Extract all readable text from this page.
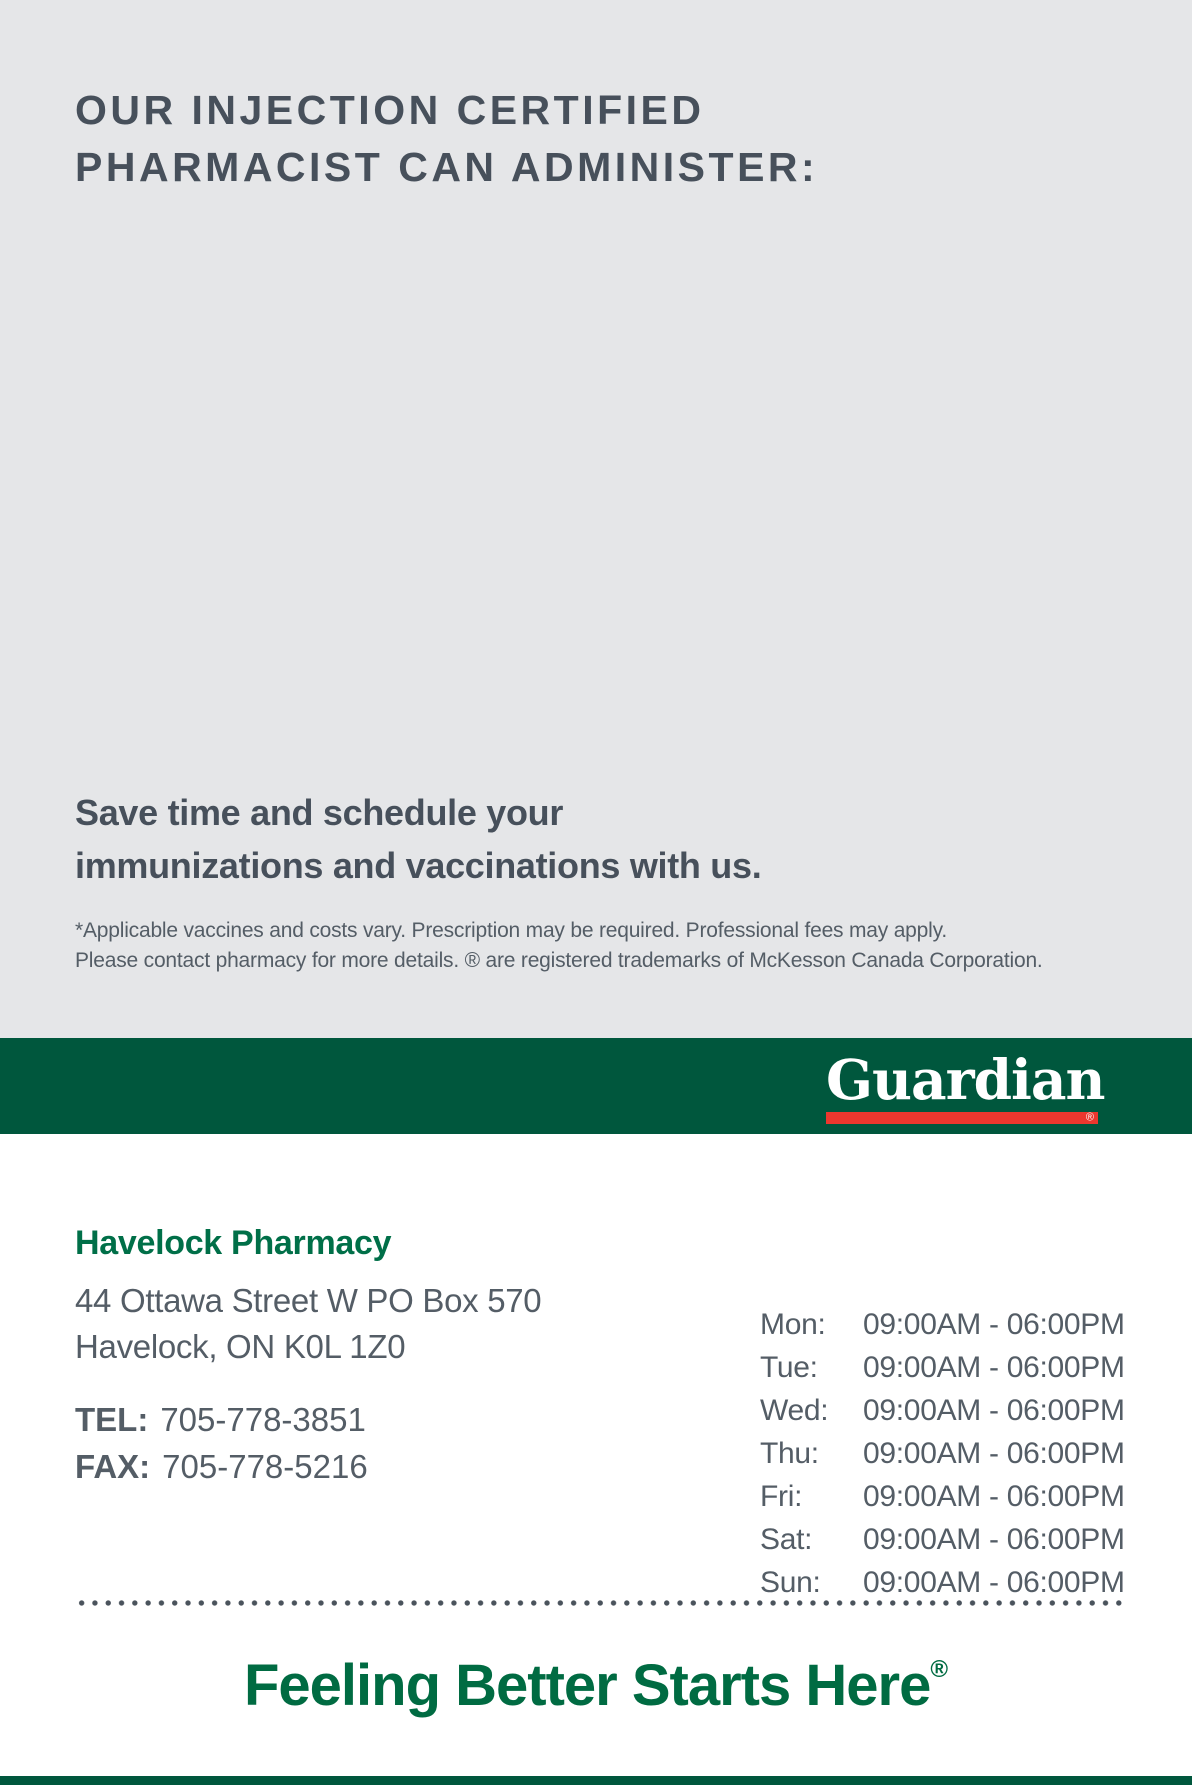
OUR INJECTION CERTIFIED
PHARMACIST CAN ADMINISTER:
Save time and schedule your
immunizations and vaccinations with us.
*Applicable vaccines and costs vary. Prescription may be required. Professional fees may apply.
Please contact pharmacy for more details. ® are registered trademarks of McKesson Canada Corporation.
Guardian
®
Havelock Pharmacy
44 Ottawa Street W PO Box 570
Havelock, ON K0L 1Z0
TEL: 705-778-3851
FAX: 705-778-5216
Mon:	09:00AM - 06:00PM
Tue:	09:00AM - 06:00PM
Wed:	09:00AM - 06:00PM
Thu:	09:00AM - 06:00PM
Fri:	09:00AM - 06:00PM
Sat:	09:00AM - 06:00PM
Sun:	09:00AM - 06:00PM
Feeling Better Starts Here®
